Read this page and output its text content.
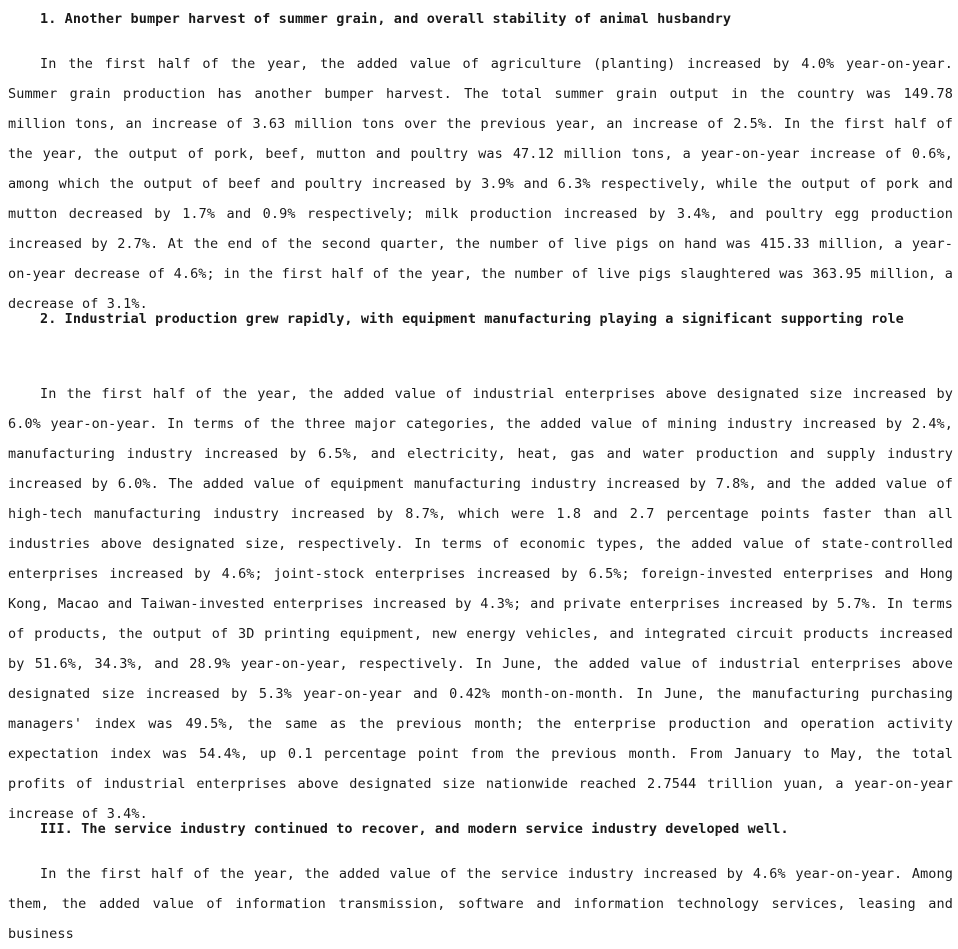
1. Another bumper harvest of summer grain, and overall stability of animal husbandry

In the first half of the year, the added value of agriculture (planting) increased by 4.0% year-on-year. Summer grain production has another bumper harvest. The total summer grain output in the country was 149.78 million tons, an increase of 3.63 million tons over the previous year, an increase of 2.5%. In the first half of the year, the output of pork, beef, mutton and poultry was 47.12 million tons, a year-on-year increase of 0.6%, among which the output of beef and poultry increased by 3.9% and 6.3% respectively, while the output of pork and mutton decreased by 1.7% and 0.9% respectively; milk production increased by 3.4%, and poultry egg production increased by 2.7%. At the end of the second quarter, the number of live pigs on hand was 415.33 million, a year-on-year decrease of 4.6%; in the first half of the year, the number of live pigs slaughtered was 363.95 million, a decrease of 3.1%.

2. Industrial production grew rapidly, with equipment manufacturing playing a significant supporting role

In the first half of the year, the added value of industrial enterprises above designated size increased by 6.0% year-on-year. In terms of the three major categories, the added value of mining industry increased by 2.4%, manufacturing industry increased by 6.5%, and electricity, heat, gas and water production and supply industry increased by 6.0%. The added value of equipment manufacturing industry increased by 7.8%, and the added value of high-tech manufacturing industry increased by 8.7%, which were 1.8 and 2.7 percentage points faster than all industries above designated size, respectively. In terms of economic types, the added value of state-controlled enterprises increased by 4.6%; joint-stock enterprises increased by 6.5%; foreign-invested enterprises and Hong Kong, Macao and Taiwan-invested enterprises increased by 4.3%; and private enterprises increased by 5.7%. In terms of products, the output of 3D printing equipment, new energy vehicles, and integrated circuit products increased by 51.6%, 34.3%, and 28.9% year-on-year, respectively. In June, the added value of industrial enterprises above designated size increased by 5.3% year-on-year and 0.42% month-on-month. In June, the manufacturing purchasing managers' index was 49.5%, the same as the previous month; the enterprise production and operation activity expectation index was 54.4%, up 0.1 percentage point from the previous month. From January to May, the total profits of industrial enterprises above designated size nationwide reached 2.7544 trillion yuan, a year-on-year increase of 3.4%.

III. The service industry continued to recover, and modern service industry developed well.

In the first half of the year, the added value of the service industry increased by 4.6% year-on-year. Among them, the added value of information transmission, software and information technology services, leasing and business
